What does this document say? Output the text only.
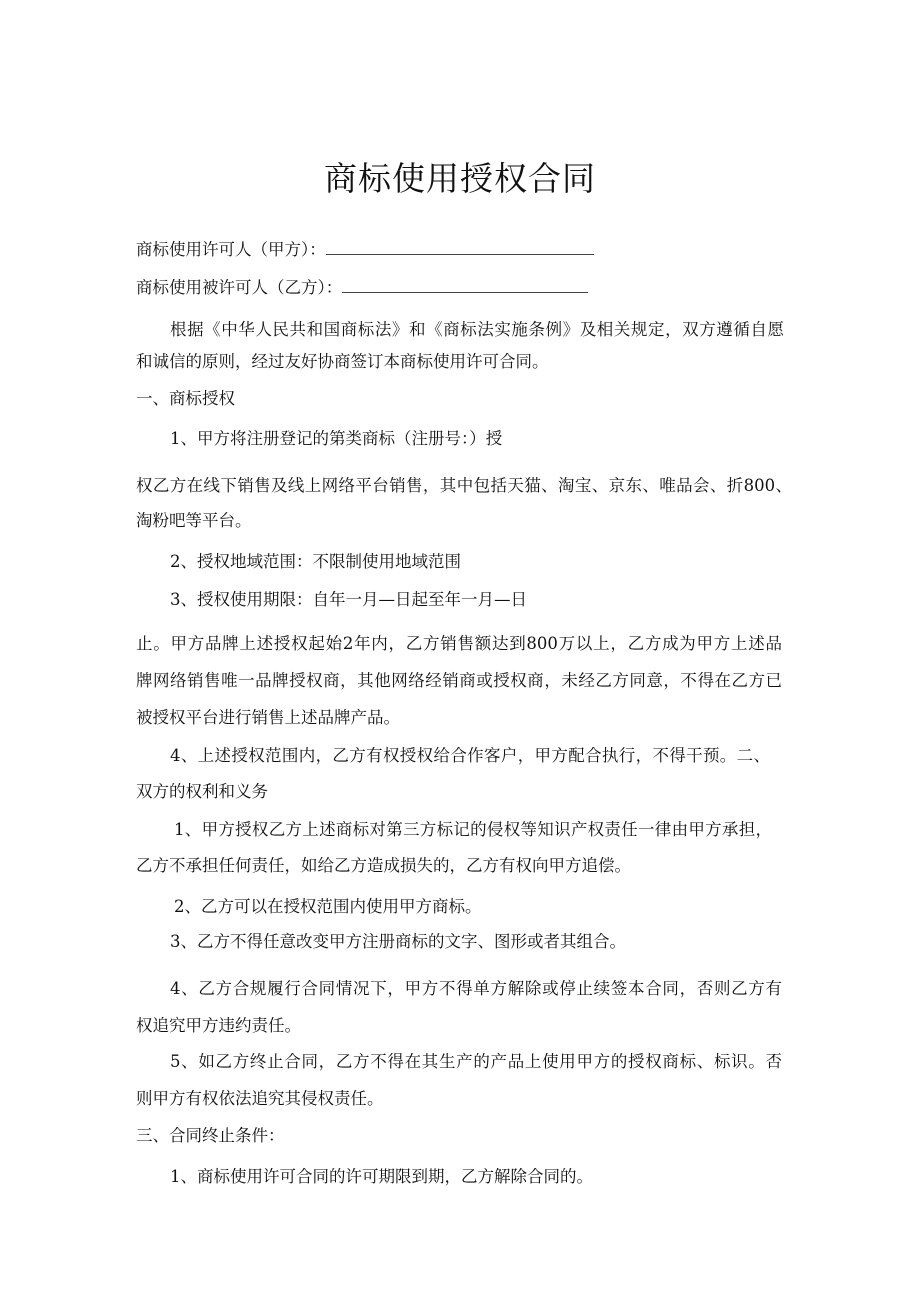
商标使用授权合同
商标使用许可人（甲方）：
商标使用被许可人（乙方）：
根据《中华人民共和国商标法》和《商标法实施条例》及相关规定，双方遵循自愿
和诚信的原则，经过友好协商签订本商标使用许可合同。
一、商标授权
1、甲方将注册登记的第类商标（注册号：）授
权乙方在线下销售及线上网络平台销售，其中包括天猫、淘宝、京东、唯品会、折800、
淘粉吧等平台。
2、授权地域范围：不限制使用地域范围
3、授权使用期限：自年一月—日起至年一月—日
止。甲方品牌上述授权起始2年内，乙方销售额达到800万以上，乙方成为甲方上述品
牌网络销售唯一品牌授权商，其他网络经销商或授权商，未经乙方同意，不得在乙方已
被授权平台进行销售上述品牌产品。
4、上述授权范围内，乙方有权授权给合作客户，甲方配合执行，不得干预。二、
双方的权利和义务
1、甲方授权乙方上述商标对第三方标记的侵权等知识产权责任一律由甲方承担，
乙方不承担任何责任，如给乙方造成损失的，乙方有权向甲方追偿。
2、乙方可以在授权范围内使用甲方商标。
3、乙方不得任意改变甲方注册商标的文字、图形或者其组合。
4、乙方合规履行合同情况下，甲方不得单方解除或停止续签本合同，否则乙方有
权追究甲方违约责任。
5、如乙方终止合同，乙方不得在其生产的产品上使用甲方的授权商标、标识。否
则甲方有权依法追究其侵权责任。
三、合同终止条件：
1、商标使用许可合同的许可期限到期，乙方解除合同的。
